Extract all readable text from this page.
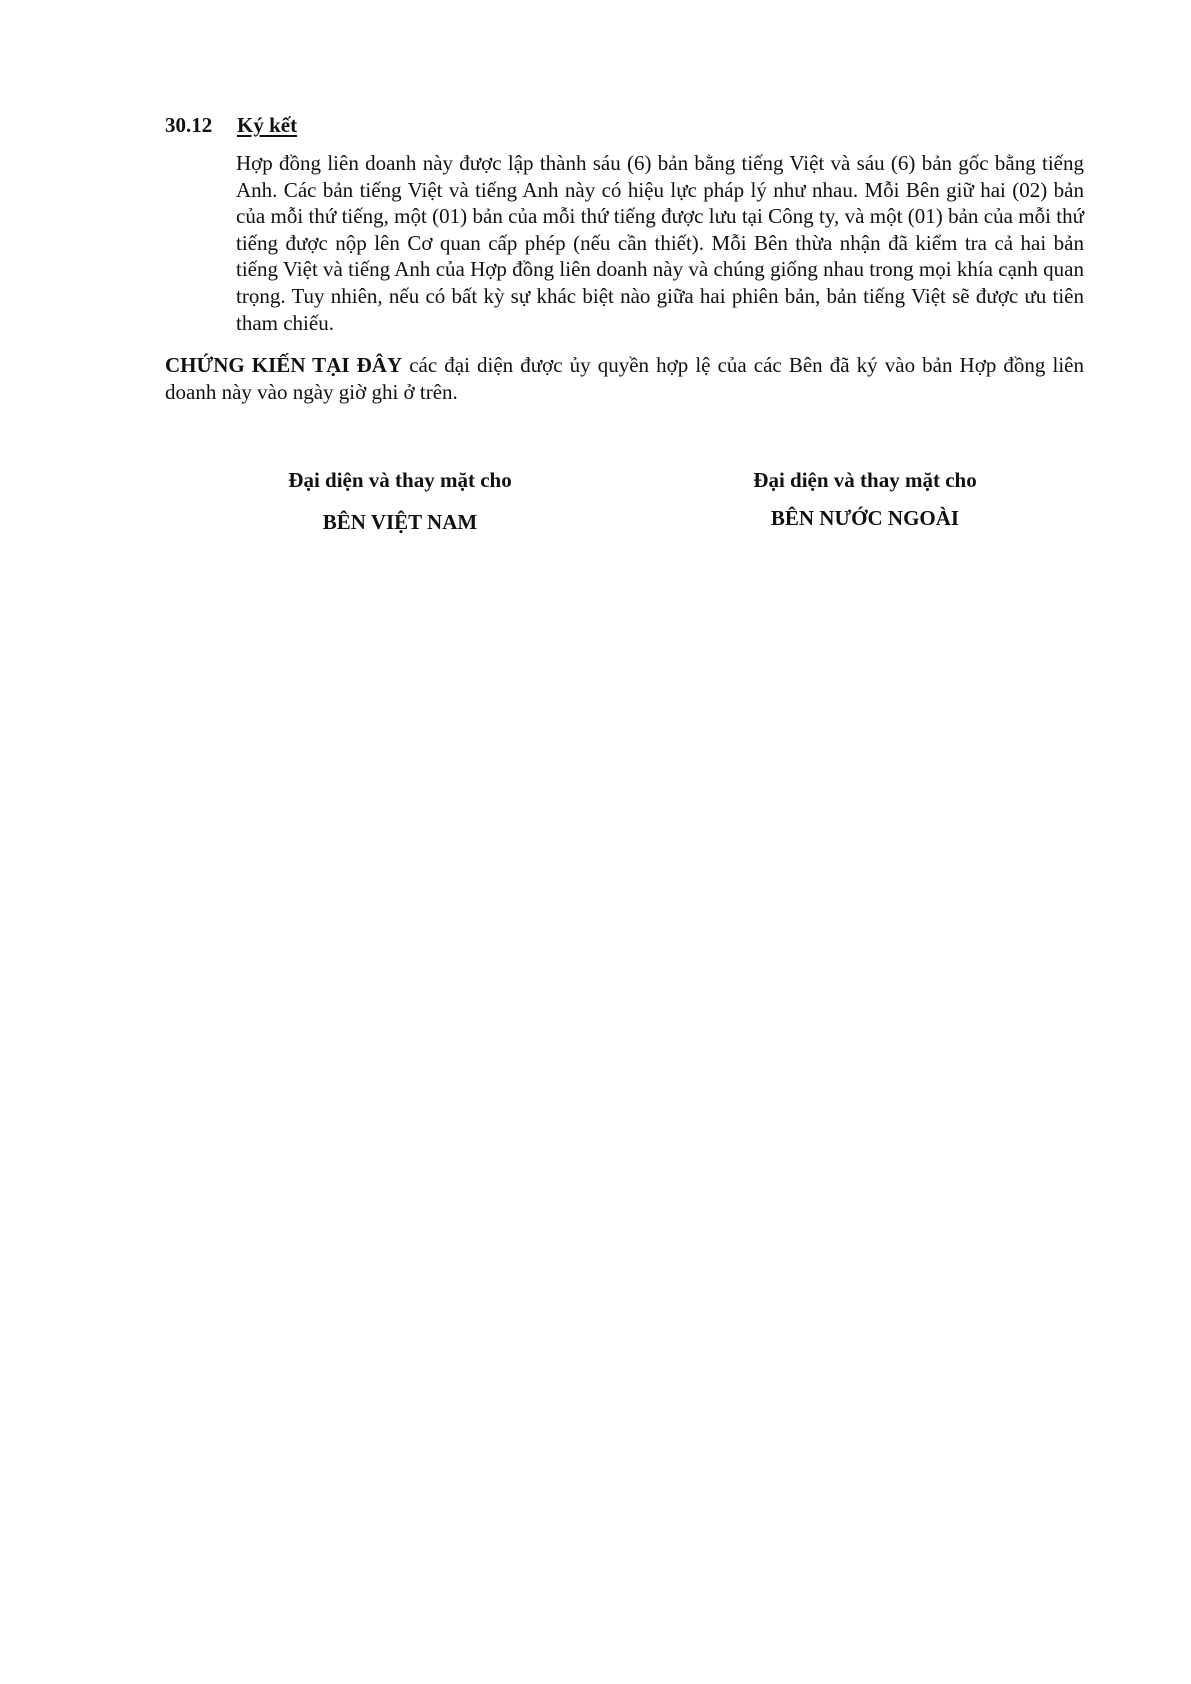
30.12 Ký kết

Hợp đồng liên doanh này được lập thành sáu (6) bản bằng tiếng Việt và sáu (6) bản gốc bằng tiếng Anh. Các bản tiếng Việt và tiếng Anh này có hiệu lực pháp lý như nhau. Mỗi Bên giữ hai (02) bản của mỗi thứ tiếng, một (01) bản của mỗi thứ tiếng được lưu tại Công ty, và một (01) bản của mỗi thứ tiếng được nộp lên Cơ quan cấp phép (nếu cần thiết). Mỗi Bên thừa nhận đã kiểm tra cả hai bản tiếng Việt và tiếng Anh của Hợp đồng liên doanh này và chúng giống nhau trong mọi khía cạnh quan trọng. Tuy nhiên, nếu có bất kỳ sự khác biệt nào giữa hai phiên bản, bản tiếng Việt sẽ được ưu tiên tham chiếu.

CHỨNG KIẾN TẠI ĐÂY các đại diện được ủy quyền hợp lệ của các Bên đã ký vào bản Hợp đồng liên doanh này vào ngày giờ ghi ở trên.

Đại diện và thay mặt cho
BÊN VIỆT NAM
Đại diện và thay mặt cho
BÊN NƯỚC NGOÀI
